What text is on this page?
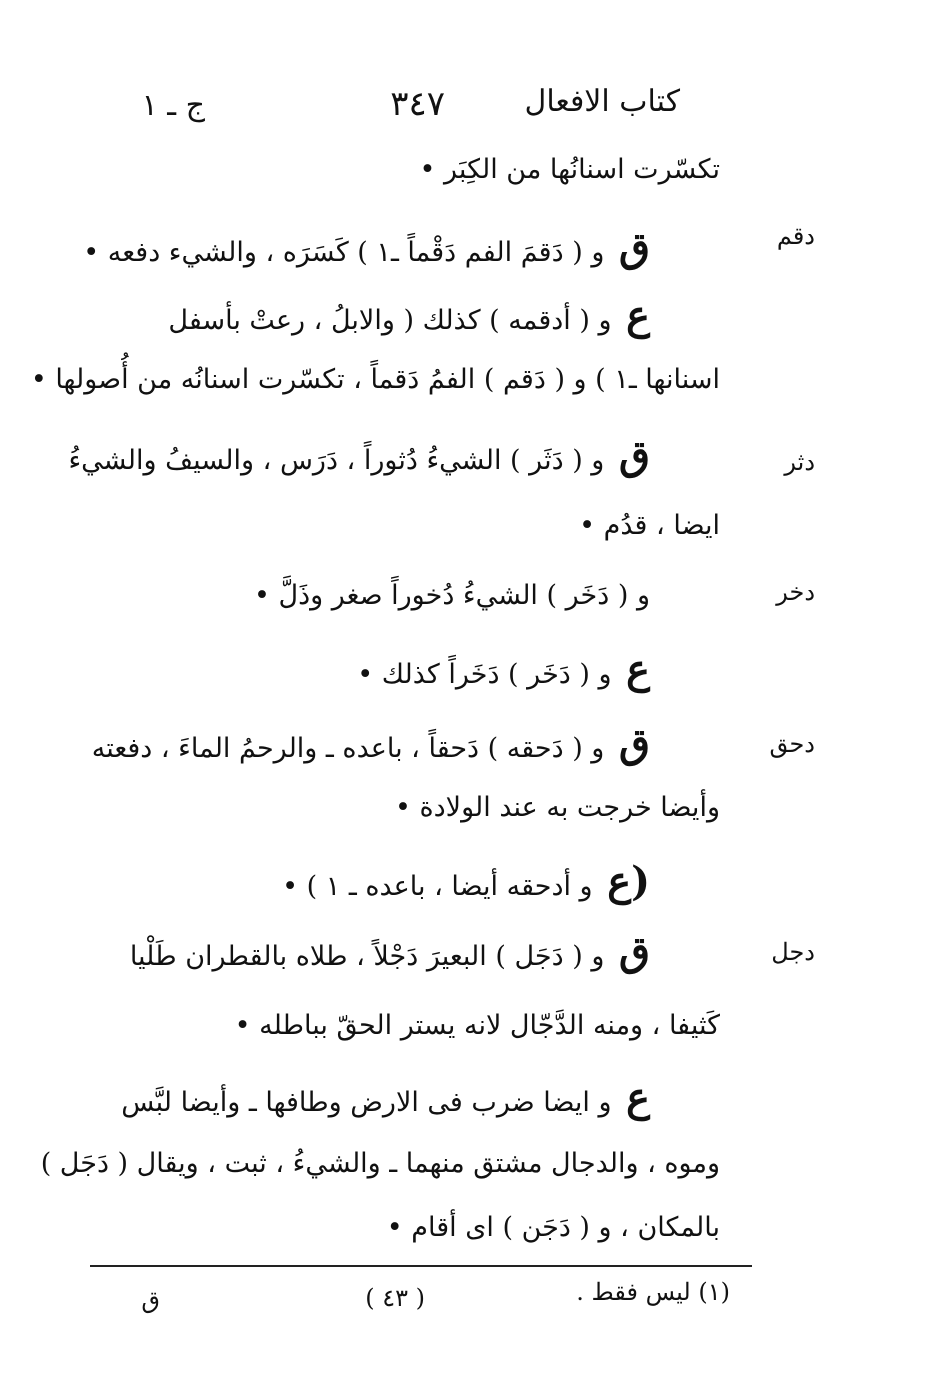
كتاب الافعال
٣٤٧
ج ـ ١
تكسّرت اسنانُها من الكِبَر •
دقم
ق و ( دَقمَ الفم دَقْماً ـ١ ) كَسَرَه ، والشيء دفعه •
ع و ( أدقمه ) كذلك ( والابلُ ، رعتْ بأسفل
اسنانها ـ١ ) و ( دَقم ) الفمُ دَقماً ، تكسّرت اسنانُه من أُصولها •
دثر
ق و ( دَثَر ) الشيءُ دُثوراً ، دَرَس ، والسيفُ والشيءُ
ايضا ، قدُم •
دخر
و ( دَخَر ) الشيءُ دُخوراً صغر وذَلَّ •
ع و ( دَخَر ) دَخَراً كذلك •
دحق
ق و ( دَحقه ) دَحقاً ، باعده ـ والرحمُ الماءَ ، دفعته
وأيضا خرجت به عند الولادة •
(ع و أدحقه أيضا ، باعده ـ ١ ) •
دجل
ق و ( دَجَل ) البعيرَ دَجْلاً ، طلاه بالقطران طَلْيا
كَثيفا ، ومنه الدَّجّال لانه يستر الحقّ بباطله •
ع و ايضا ضرب فى الارض وطافها ـ وأيضا لبَّس
وموه ، والدجال مشتق منهما ـ والشيءُ ، ثبت ، ويقال ( دَجَل )
بالمكان ، و ( دَجَن ) اى أقام •
(١) ليس فقط .
( ٤٣ )
ق
